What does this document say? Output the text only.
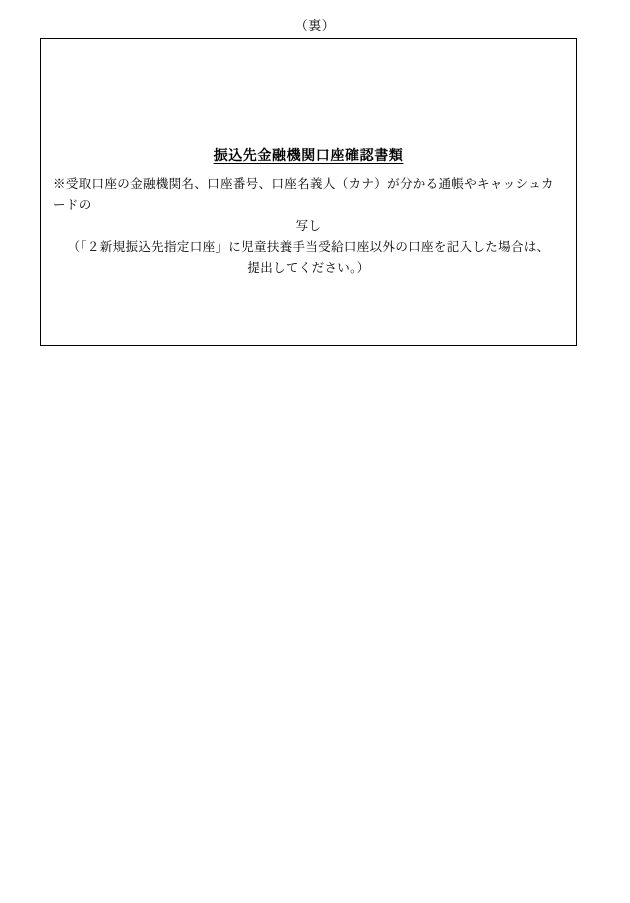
（裏）
振込先金融機関口座確認書類
※受取口座の金融機関名、口座番号、口座名義人（カナ）が分かる通帳やキャッシュカードの
写し
（「２新規振込先指定口座」に児童扶養手当受給口座以外の口座を記入した場合は、
提出してください。）
